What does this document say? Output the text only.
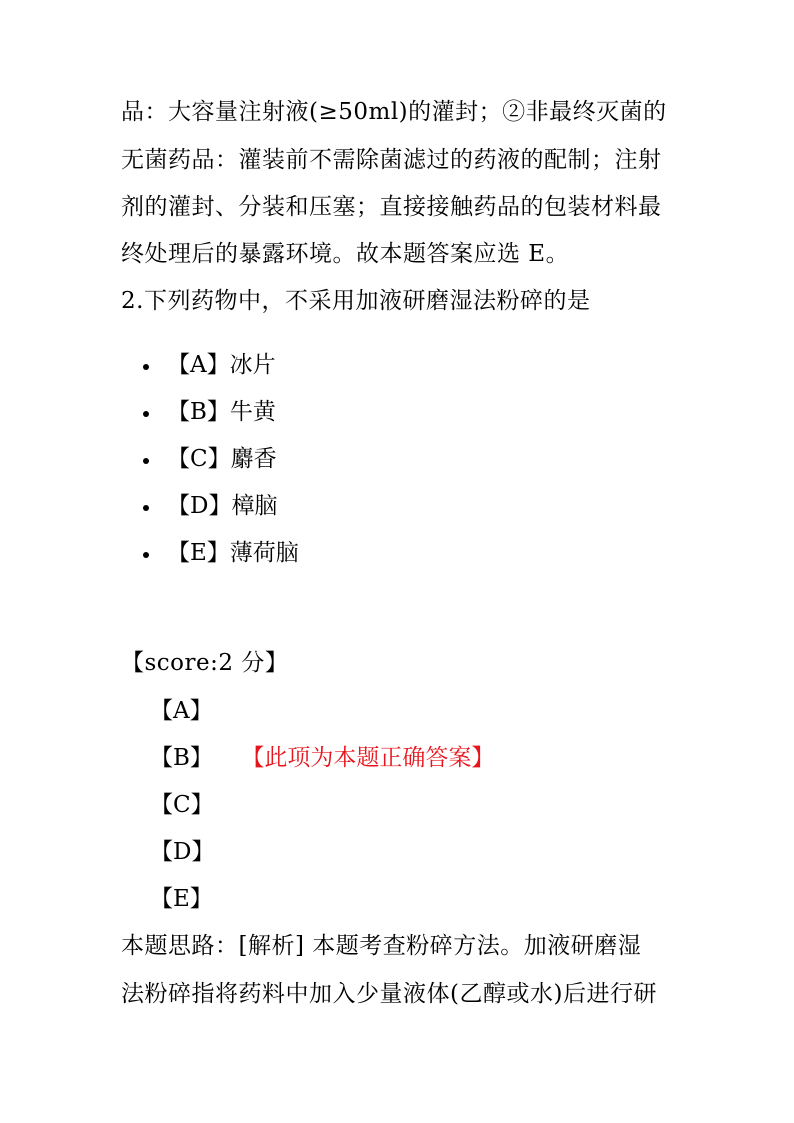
品：大容量注射液(≥50ml)的灌封；②非最终灭菌的
无菌药品：灌装前不需除菌滤过的药液的配制；注射
剂的灌封、分装和压塞；直接接触药品的包装材料最
终处理后的暴露环境。故本题答案应选 E。
2.下列药物中，不采用加液研磨湿法粉碎的是
【A】冰片
【B】牛黄
【C】麝香
【D】樟脑
【E】薄荷脑
【score:2 分】
【A】
【B】 【此项为本题正确答案】
【C】
【D】
【E】
本题思路：[解析] 本题考查粉碎方法。加液研磨湿
法粉碎指将药料中加入少量液体(乙醇或水)后进行研
